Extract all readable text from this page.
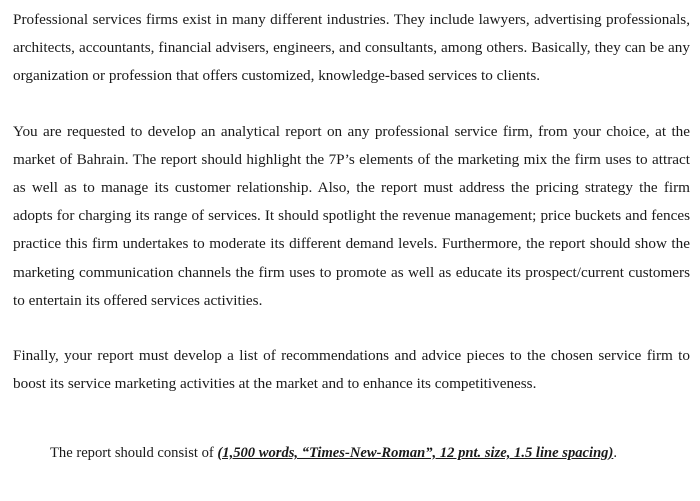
Professional services firms exist in many different industries. They include lawyers, advertising professionals, architects, accountants, financial advisers, engineers, and consultants, among others. Basically, they can be any organization or profession that offers customized, knowledge-based services to clients.

You are requested to develop an analytical report on any professional service firm, from your choice, at the market of Bahrain. The report should highlight the 7P’s elements of the marketing mix the firm uses to attract as well as to manage its customer relationship. Also, the report must address the pricing strategy the firm adopts for charging its range of services. It should spotlight the revenue management; price buckets and fences practice this firm undertakes to moderate its different demand levels. Furthermore, the report should show the marketing communication channels the firm uses to promote as well as educate its prospect/current customers to entertain its offered services activities.

Finally, your report must develop a list of recommendations and advice pieces to the chosen service firm to boost its service marketing activities at the market and to enhance its competitiveness.

The report should consist of (1,500 words, “Times-New-Roman”, 12 pnt. size, 1.5 line spacing).
